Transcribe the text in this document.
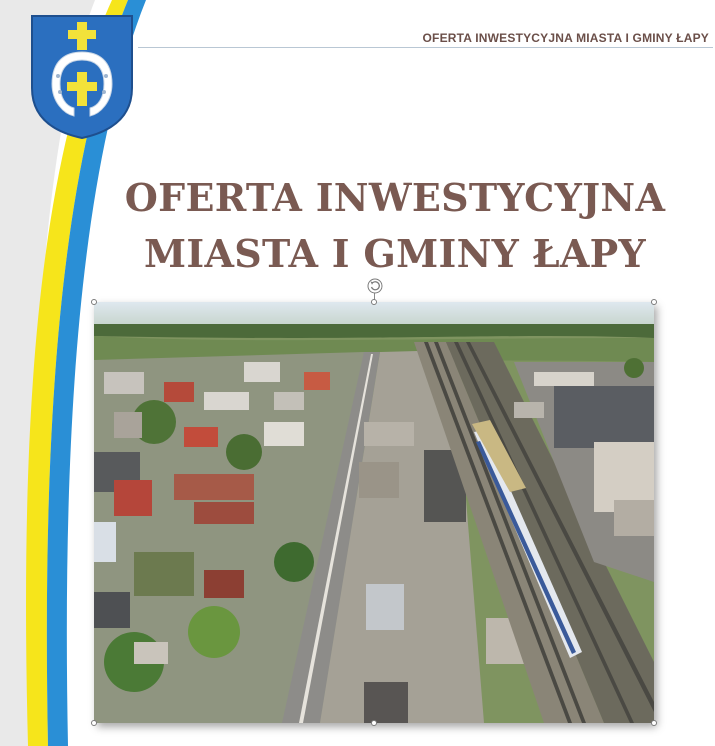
OFERTA INWESTYCYJNA MIASTA I GMINY ŁAPY
OFERTA INWESTYCYJNA
MIASTA I GMINY ŁAPY
